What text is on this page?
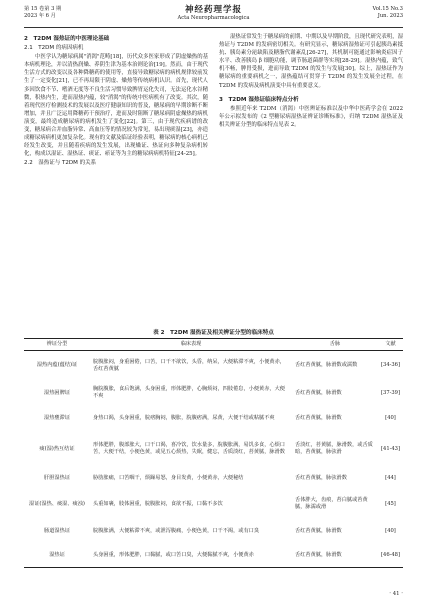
第 15 卷第 3 期
2023 年 6 月
神经药理学报
Acta Neuropharmacologica
Vol.15 No.3
Jun. 2023
2　T2DM 湿热证的中医理论基础
2.1　T2DM 的病因病机

中医学认为糖尿病属"消渴"范畴[18]，历代众多医家形成了阴虚燥热的基本病机理论，并以清热润燥、养阴生津为基本治则论治[19]。然而，由于现代生活方式的改变以及各种降糖药的使用等，直接导致糖尿病的病机规律较前发生了一定变化[21]，已不再局限于阴虚、燥热等传统病机认识。首先，现代人多因饮食不节、嗜酒无度等不良生活习惯导致脾胃运化失司，无法运化水谷精微，积热内生，进而湿热内蕴，较"消渴"的传统中医病机有了改变。其次，随着现代医疗检测技术的发展以及医疗健康知识的普及，糖尿病的早期诊断不断增加，并且广泛运用降糖药干预治疗，进而及时阻断了糖尿病阴虚燥热的病机演变，最终造成糖尿病的病机发生了变化[22]。第三，由于现代疾病谱的改变，糖尿病合并血脂异常、高血压等的情况较为常见，易出现痰湿[23]，亦造成糖尿病病机更加复杂化。现有的文献及临证经验表明，糖尿病的核心病机已经发生改变，并且随着疾病的发生发展，出现燥证、热证向多种复杂病机转化，构成以湿证、湿热证、痰证、瘀证等为主的糖尿病病机特征[24-25]。

2.2　湿热证与 T2DM 的关系

湿热证常发生于糖尿病的前期、中期以及早期阶段，且现代研究表明，湿热证与 T2DM 的发病密切相关。有研究显示，糖尿病湿热证可引起胰岛素抵抗、胰岛素分泌缺陷及糖脂代谢紊乱[26-27]，其机制可能通过影响炎症因子水平、改善胰岛 β 细胞功能，调节肠道菌群等实现[28-29]。湿热内蕴，致气机不畅，脾胃受损，进而导致 T2DM 的发生与发展[30]。综上，湿热证作为糖尿病的重要病机之一，湿热蕴结可贯穿于 T2DM 的发生发展全过程，在 T2DM 的发病及病机演变中具有重要意义。

3　T2DM 湿热证临床特点分析

参照近年来 T2DM（消渴）中医辨证标准以及中华中医药学会在 2022 年公示拟发布的《2 型糖尿病湿热证辨证诊断标准》，归纳 T2DM 湿热证及相关辨证分型的临床特点见表 2。

表 2　T2DM 湿热证及相关辨证分型的临床特点
辨证分型	临床表现	舌脉	文献
湿热内蕴(蕴结)证	脘腹胀闷，身重困倦，口苦，口干不欲饮，头昏，纳呆，大便粘滞不爽，小便黄赤，舌红苔黄腻	舌红苔黄腻，脉滑数或濡数	[34-36]
湿热困脾证	胸脘腹胀，食后饱满，头身困重，形体肥胖，心胸烦闷，四肢倦怠，小便黄赤，大便不爽	舌红苔黄腻，脉滑数	[37-39]
湿热壅滞证	身热口渴，头身困重，脘痞胸闷，腹胀，脘腹痞满，尿黄，大便干结或粘腻不爽	舌红苔黄腻，脉滑数	[40]
痰(湿)热互结证	形体肥胖，腹部胀大，口干口渴，喜冷饮，饮水量多，脘腹胀满，易饥多食，心烦口苦，大便干结，小便色黄，或见五心烦热，失眠，健忘，舌质淡红，苔黄腻，脉滑数	舌淡红，苔黄腻，脉滑数，或舌质暗，苔黄腻，脉弦滑	[41-43]
肝胆湿热证	胁肋胀痛，口苦咽干，烦躁易怒，身目发黄，小便黄赤，大便秘结	舌红苔黄腻，脉弦滑数	[44]
湿证(湿热、痰湿、痰浊)	头重如裹，肢体困重，脘腹胀闷，食欲不振，口黏不多饮	舌体胖大，齿痕，苔白腻或苔黄腻，脉濡或滑	[45]
肠道湿热证	脘腹胀满，大便粘滞不爽，或泄泻腹痛，小便色黄，口干不渴，或有口臭	舌红苔黄腻，脉滑数	[40]
湿热证	头身困重，形体肥胖，口黏腻，或口苦口臭，大便黏腻不爽，小便黄赤	舌红苔黄腻，脉滑数	[46-48]
· 41 ·
